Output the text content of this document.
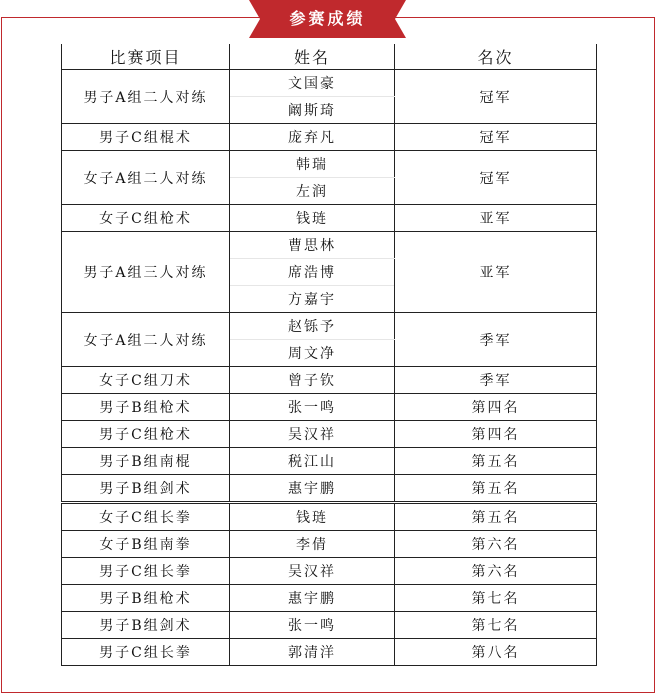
参赛成绩
比赛项目	姓名	名次
男子A组二人对练	文国豪	冠军
	阚斯琦	
男子C组棍术	庞弃凡	冠军
女子A组二人对练	韩瑞	冠军
	左润	
女子C组枪术	钱琏	亚军
男子A组三人对练	曹思林	亚军
	席浩博	
	方嘉宇	
女子A组二人对练	赵铄予	季军
	周文净	
女子C组刀术	曾子钦	季军
男子B组枪术	张一鸣	第四名
男子C组枪术	吴汉祥	第四名
男子B组南棍	税江山	第五名
男子B组剑术	惠宇鹏	第五名
女子C组长拳	钱琏	第五名
女子B组南拳	李倩	第六名
男子C组长拳	吴汉祥	第六名
男子B组枪术	惠宇鹏	第七名
男子B组剑术	张一鸣	第七名
男子C组长拳	郭清洋	第八名
